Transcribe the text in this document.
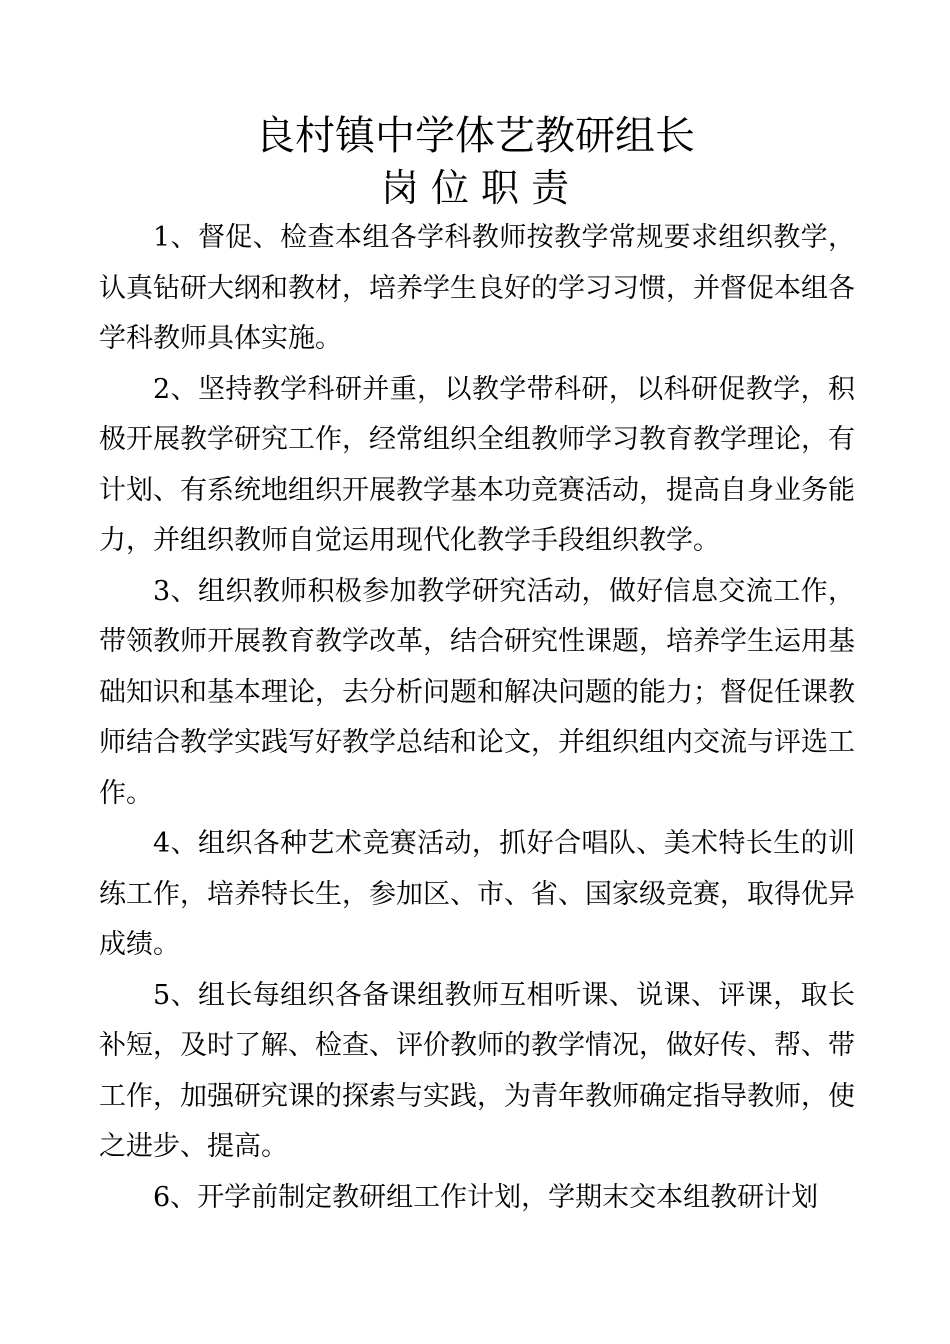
良村镇中学体艺教研组长
岗 位 职 责

1、督促、检查本组各学科教师按教学常规要求组织教学，认真钻研大纲和教材，培养学生良好的学习习惯，并督促本组各学科教师具体实施。

2、坚持教学科研并重，以教学带科研，以科研促教学，积极开展教学研究工作，经常组织全组教师学习教育教学理论，有计划、有系统地组织开展教学基本功竞赛活动，提高自身业务能力，并组织教师自觉运用现代化教学手段组织教学。

3、组织教师积极参加教学研究活动，做好信息交流工作，带领教师开展教育教学改革，结合研究性课题，培养学生运用基础知识和基本理论，去分析问题和解决问题的能力；督促任课教师结合教学实践写好教学总结和论文，并组织组内交流与评选工作。

4、组织各种艺术竞赛活动，抓好合唱队、美术特长生的训练工作，培养特长生，参加区、市、省、国家级竞赛，取得优异成绩。

5、组长每组织各备课组教师互相听课、说课、评课，取长补短，及时了解、检查、评价教师的教学情况，做好传、帮、带工作，加强研究课的探索与实践，为青年教师确定指导教师，使之进步、提高。

6、开学前制定教研组工作计划，学期末交本组教研计划
